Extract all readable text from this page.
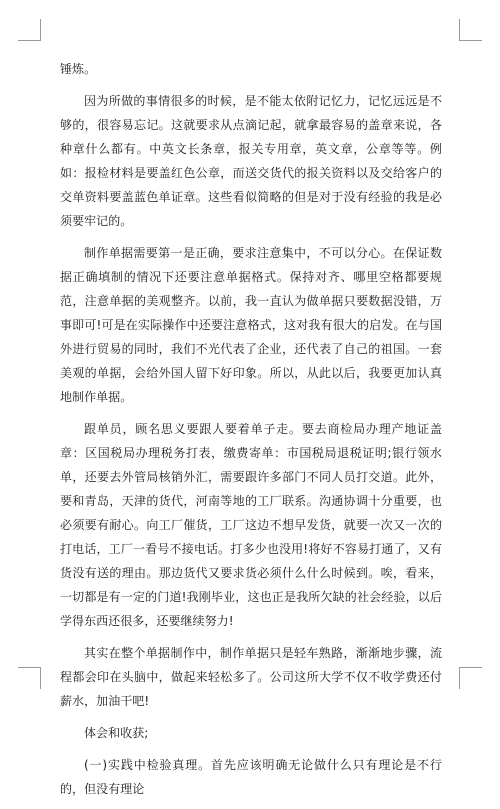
锤炼。

因为所做的事情很多的时候，是不能太依附记忆力，记忆远远是不够的，很容易忘记。这就要求从点滴记起，就拿最容易的盖章来说，各种章什么都有。中英文长条章，报关专用章，英文章，公章等等。例如：报检材料是要盖红色公章，而送交货代的报关资料以及交给客户的交单资料要盖蓝色单证章。这些看似简略的但是对于没有经验的我是必须要牢记的。

制作单据需要第一是正确，要求注意集中，不可以分心。在保证数据正确填制的情况下还要注意单据格式。保持对齐、哪里空格都要规范，注意单据的美观整齐。以前，我一直认为做单据只要数据没错，万事即可!可是在实际操作中还要注意格式，这对我有很大的启发。在与国外进行贸易的同时，我们不光代表了企业，还代表了自己的祖国。一套美观的单据，会给外国人留下好印象。所以，从此以后，我要更加认真地制作单据。

跟单员，顾名思义要跟人要着单子走。要去商检局办理产地证盖章：区国税局办理税务打表，缴费寄单：市国税局退税证明;银行领水单，还要去外管局核销外汇，需要跟许多部门不同人员打交道。此外，要和青岛，天津的货代，河南等地的工厂联系。沟通协调十分重要，也必须要有耐心。向工厂催货，工厂这边不想早发货，就要一次又一次的打电话，工厂一看号不接电话。打多少也没用!将好不容易打通了，又有货没有送的理由。那边货代又要求货必须什么什么时候到。唉，看来，一切都是有一定的门道!我刚毕业，这也正是我所欠缺的社会经验，以后学得东西还很多，还要继续努力!

其实在整个单据制作中，制作单据只是轻车熟路，渐渐地步骤，流程都会印在头脑中，做起来轻松多了。公司这所大学不仅不收学费还付薪水，加油干吧!

体会和收获;

(一)实践中检验真理。首先应该明确无论做什么只有理论是不行的，但没有理论
